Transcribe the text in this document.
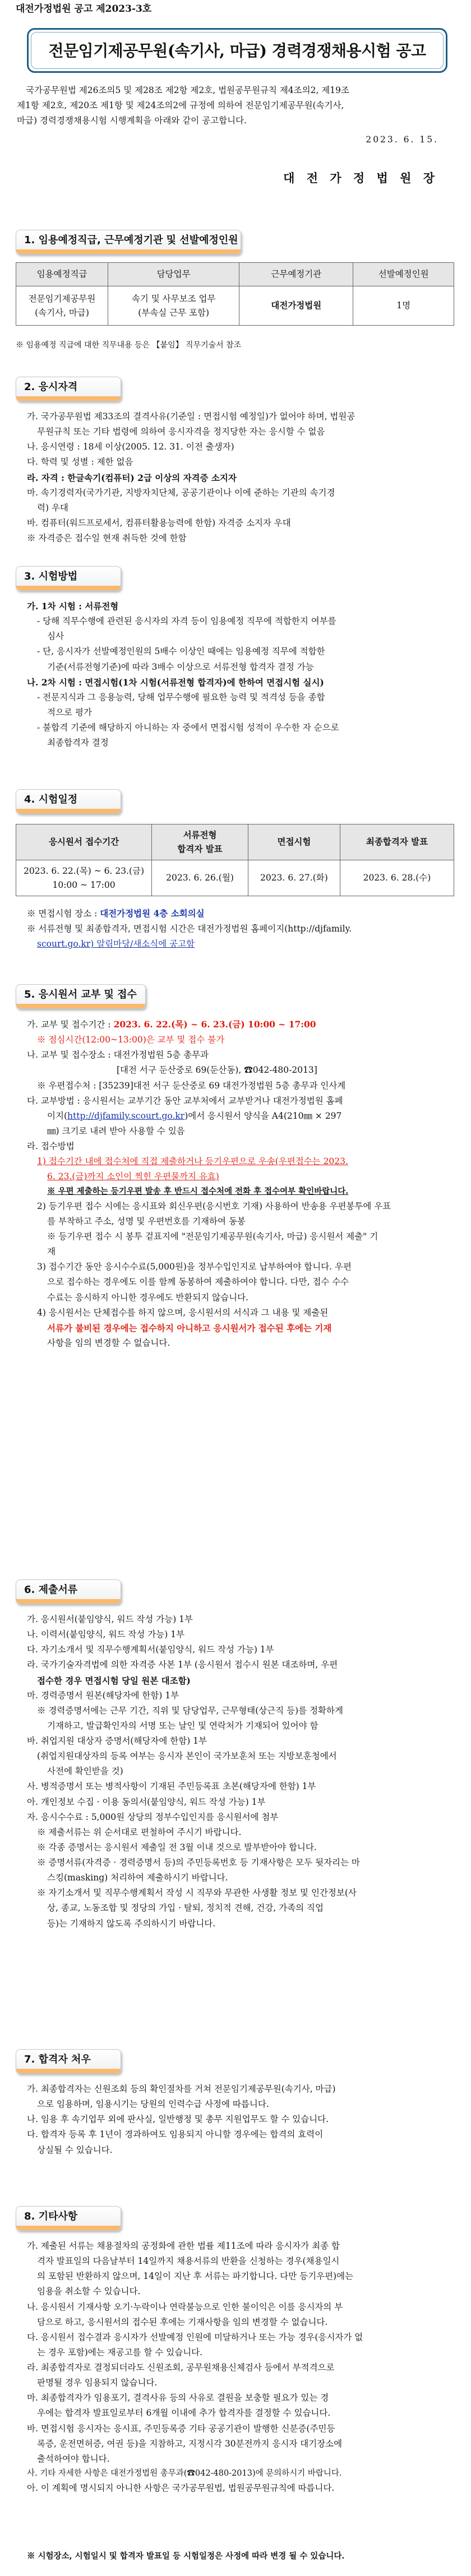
대전가정법원 공고 제2023-3호
전문임기제공무원(속기사, 마급) 경력경쟁채용시험 공고
국가공무원법 제26조의5 및 제28조 제2항 제2호, 법원공무원규칙 제4조의2, 제19조
제1항 제2호, 제20조 제1항 및 제24조의2에 규정에 의하여 전문임기제공무원(속기사,
마급) 경력경쟁채용시험 시행계획을 아래와 같이 공고합니다.
2023. 6. 15.
대 전 가 정 법 원 장
1. 임용예정직급, 근무예정기관 및 선발예정인원
임용예정직급	담당업무	근무예정기관	선발예정인원
전문임기제공무원
(속기사, 마급)	속기 및 사무보조 업무
(부속실 근무 포함)	대전가정법원	1명
※ 임용예정 직급에 대한 직무내용 등은 【붙임】 직무기술서 참조
2. 응시자격
가. 국가공무원법 제33조의 결격사유(기준일 : 면접시험 예정일)가 없어야 하며, 법원공
무원규칙 또는 기타 법령에 의하여 응시자격을 정지당한 자는 응시할 수 없음
나. 응시연령 : 18세 이상(2005. 12. 31. 이전 출생자)
다. 학력 및 성별 : 제한 없음
라. 자격 : 한글속기(컴퓨터) 2급 이상의 자격증 소지자
마. 속기경력자(국가기관, 지방자치단체, 공공기관이나 이에 준하는 기관의 속기경
력) 우대
바. 컴퓨터(워드프로세서, 컴퓨터활용능력에 한함) 자격증 소지자 우대
※ 자격증은 접수일 현재 취득한 것에 한함
3. 시험방법
가. 1차 시험 : 서류전형
- 당해 직무수행에 관련된 응시자의 자격 등이 임용예정 직무에 적합한지 여부를
심사
- 단, 응시자가 선발예정인원의 5배수 이상인 때에는 임용예정 직무에 적합한
기준(서류전형기준)에 따라 3배수 이상으로 서류전형 합격자 결정 가능
나. 2차 시험 : 면접시험(1차 시험(서류전형 합격자)에 한하여 면접시험 실시)
- 전문지식과 그 응용능력, 당해 업무수행에 필요한 능력 및 적격성 등을 종합
적으로 평가
- 불합격 기준에 해당하지 아니하는 자 중에서 면접시험 성적이 우수한 자 순으로
최종합격자 결정
4. 시험일정
응시원서 접수기간	서류전형
합격자 발표	면접시험	최종합격자 발표
2023. 6. 22.(목) ~ 6. 23.(금)
10:00 ~ 17:00	2023. 6. 26.(월)	2023. 6. 27.(화)	2023. 6. 28.(수)
※ 면접시험 장소 : 대전가정법원 4층 소회의실
※ 서류전형 및 최종합격자, 면접시험 시간은 대전가정법원 홈페이지(http://djfamily.
scourt.go.kr) 알림마당/새소식에 공고함
5. 응시원서 교부 및 접수
가. 교부 및 접수기간 : 2023. 6. 22.(목) ~ 6. 23.(금) 10:00 ~ 17:00
※ 점심시간(12:00~13:00)은 교부 및 접수 불가
나. 교부 및 접수장소 : 대전가정법원 5층 총무과
[대전 서구 둔산중로 69(둔산동), ☎042-480-2013]
※ 우편접수처 : [35239]대전 서구 둔산중로 69 대전가정법원 5층 총무과 인사계
다. 교부방법 : 응시원서는 교부기간 동안 교부처에서 교부받거나 대전가정법원 홈페
이지(http://djfamily.scourt.go.kr)에서 응시원서 양식을 A4(210㎜ × 297
㎜) 크기로 내려 받아 사용할 수 있음
라. 접수방법
1) 접수기간 내에 접수처에 직접 제출하거나 등기우편으로 우송(우편접수는 2023.
6. 23.(금)까지 소인이 찍힌 우편물까지 유효)
※ 우편 제출하는 등기우편 발송 후 반드시 접수처에 전화 후 접수여부 확인바랍니다.
2) 등기우편 접수 시에는 응시표와 회신우편(응시번호 기재) 사용하여 반송용 우편봉투에 우표
를 부착하고 주소, 성명 및 우편번호를 기재하여 동봉
※ 등기우편 접수 시 봉투 겉표지에 "전문임기제공무원(속기사, 마급) 응시원서 제출" 기
재
3) 접수기간 동안 응시수수료(5,000원)을 정부수입인지로 납부하여야 합니다. 우편
으로 접수하는 경우에도 이를 함께 동봉하여 제출하여야 합니다. 다만, 접수 수수
수료는 응시하지 아니한 경우에도 반환되지 않습니다.
4) 응시원서는 단체접수를 하지 않으며, 응시원서의 서식과 그 내용 및 제출된
서류가 불비된 경우에는 접수하지 아니하고 응시원서가 접수된 후에는 기재
사항을 임의 변경할 수 없습니다.
6. 제출서류
가. 응시원서(붙임양식, 워드 작성 가능) 1부
나. 이력서(붙임양식, 워드 작성 가능) 1부
다. 자기소개서 및 직무수행계획서(붙임양식, 워드 작성 가능) 1부
라. 국가기술자격법에 의한 자격증 사본 1부 (응시원서 접수시 원본 대조하며, 우편
접수한 경우 면접시험 당일 원본 대조함)
마. 경력증명서 원본(해당자에 한함) 1부
※ 경력증명서에는 근무 기간, 직위 및 담당업무, 근무형태(상근직 등)를 정확하게
기재하고, 발급확인자의 서명 또는 날인 및 연락처가 기재되어 있어야 함
바. 취업지원 대상자 증명서(해당자에 한함) 1부
(취업지원대상자의 등록 여부는 응시자 본인이 국가보훈처 또는 지방보훈청에서
사전에 확인받을 것)
사. 병적증명서 또는 병적사항이 기재된 주민등록표 초본(해당자에 한함) 1부
아. 개인정보 수집 · 이용 동의서(붙임양식, 워드 작성 가능) 1부
자. 응시수수료 : 5,000원 상당의 정부수입인지를 응시원서에 첨부
※ 제출서류는 위 순서대로 편철하여 주시기 바랍니다.
※ 각종 증명서는 응시원서 제출일 전 3월 이내 것으로 발부받아야 합니다.
※ 증명서류(자격증 · 경력증명서 등)의 주민등록번호 등 기재사항은 모두 뒷자리는 마
스킹(masking) 처리하여 제출하시기 바랍니다.
※ 자기소개서 및 직무수행계획서 작성 시 직무와 무관한 사생활 정보 및 인간정보(사
상, 종교, 노동조합 및 정당의 가입 · 탈퇴, 정치적 견해, 건강, 가족의 직업
등)는 기재하지 않도록 주의하시기 바랍니다.
7. 합격자 처우
가. 최종합격자는 신원조회 등의 확인절차를 거쳐 전문임기제공무원(속기사, 마급)
으로 임용하며, 임용시기는 당원의 인력수급 사정에 따릅니다.
나. 임용 후 속기업무 외에 판사실, 일반행정 및 총무 지원업무도 할 수 있습니다.
다. 합격자 등록 후 1년이 경과하여도 임용되지 아니할 경우에는 합격의 효력이
상실될 수 있습니다.
8. 기타사항
가. 제출된 서류는 채용절차의 공정화에 관한 법률 제11조에 따라 응시자가 최종 합
격자 발표일의 다음날부터 14일까지 채용서류의 반환을 신청하는 경우(채용일시
의 포함된 반환하지 않으며, 14일이 지난 후 서류는 파기합니다. 다만 등기우편)에는
임용을 취소할 수 있습니다.
나. 응시원서 기재사항 오기·누락이나 연락불능으로 인한 불이익은 이를 응시자의 부
담으로 하고, 응시원서의 접수된 후에는 기재사항을 임의 변경할 수 없습니다.
다. 응시원서 접수결과 응시자가 선발예정 인원에 미달하거나 또는 가능 경우(응시자가 없
는 경우 포함)에는 재공고를 할 수 있습니다.
라. 최종합격자로 결정되더라도 신원조회, 공무원채용신체검사 등에서 부적격으로
판명될 경우 임용되지 않습니다.
마. 최종합격자가 임용포기, 결격사유 등의 사유로 결원을 보충할 필요가 있는 경
우에는 합격자 발표일로부터 6개월 이내에 추가 합격자를 결정할 수 있습니다.
바. 면접시험 응시자는 응시표, 주민등록증 기타 공공기관이 발행한 신분증(주민등
록증, 운전면허증, 여권 등)을 지참하고, 지정시각 30분전까지 응시자 대기장소에
출석하여야 합니다.
사. 기타 자세한 사항은 대전가정법원 총무과(☎042-480-2013)에 문의하시기 바랍니다.
아. 이 계획에 명시되지 아니한 사항은 국가공무원법, 법원공무원규칙에 따릅니다.
※ 시험장소, 시험일시 및 합격자 발표일 등 시험일정은 사정에 따라 변경 될 수 있습니다.
